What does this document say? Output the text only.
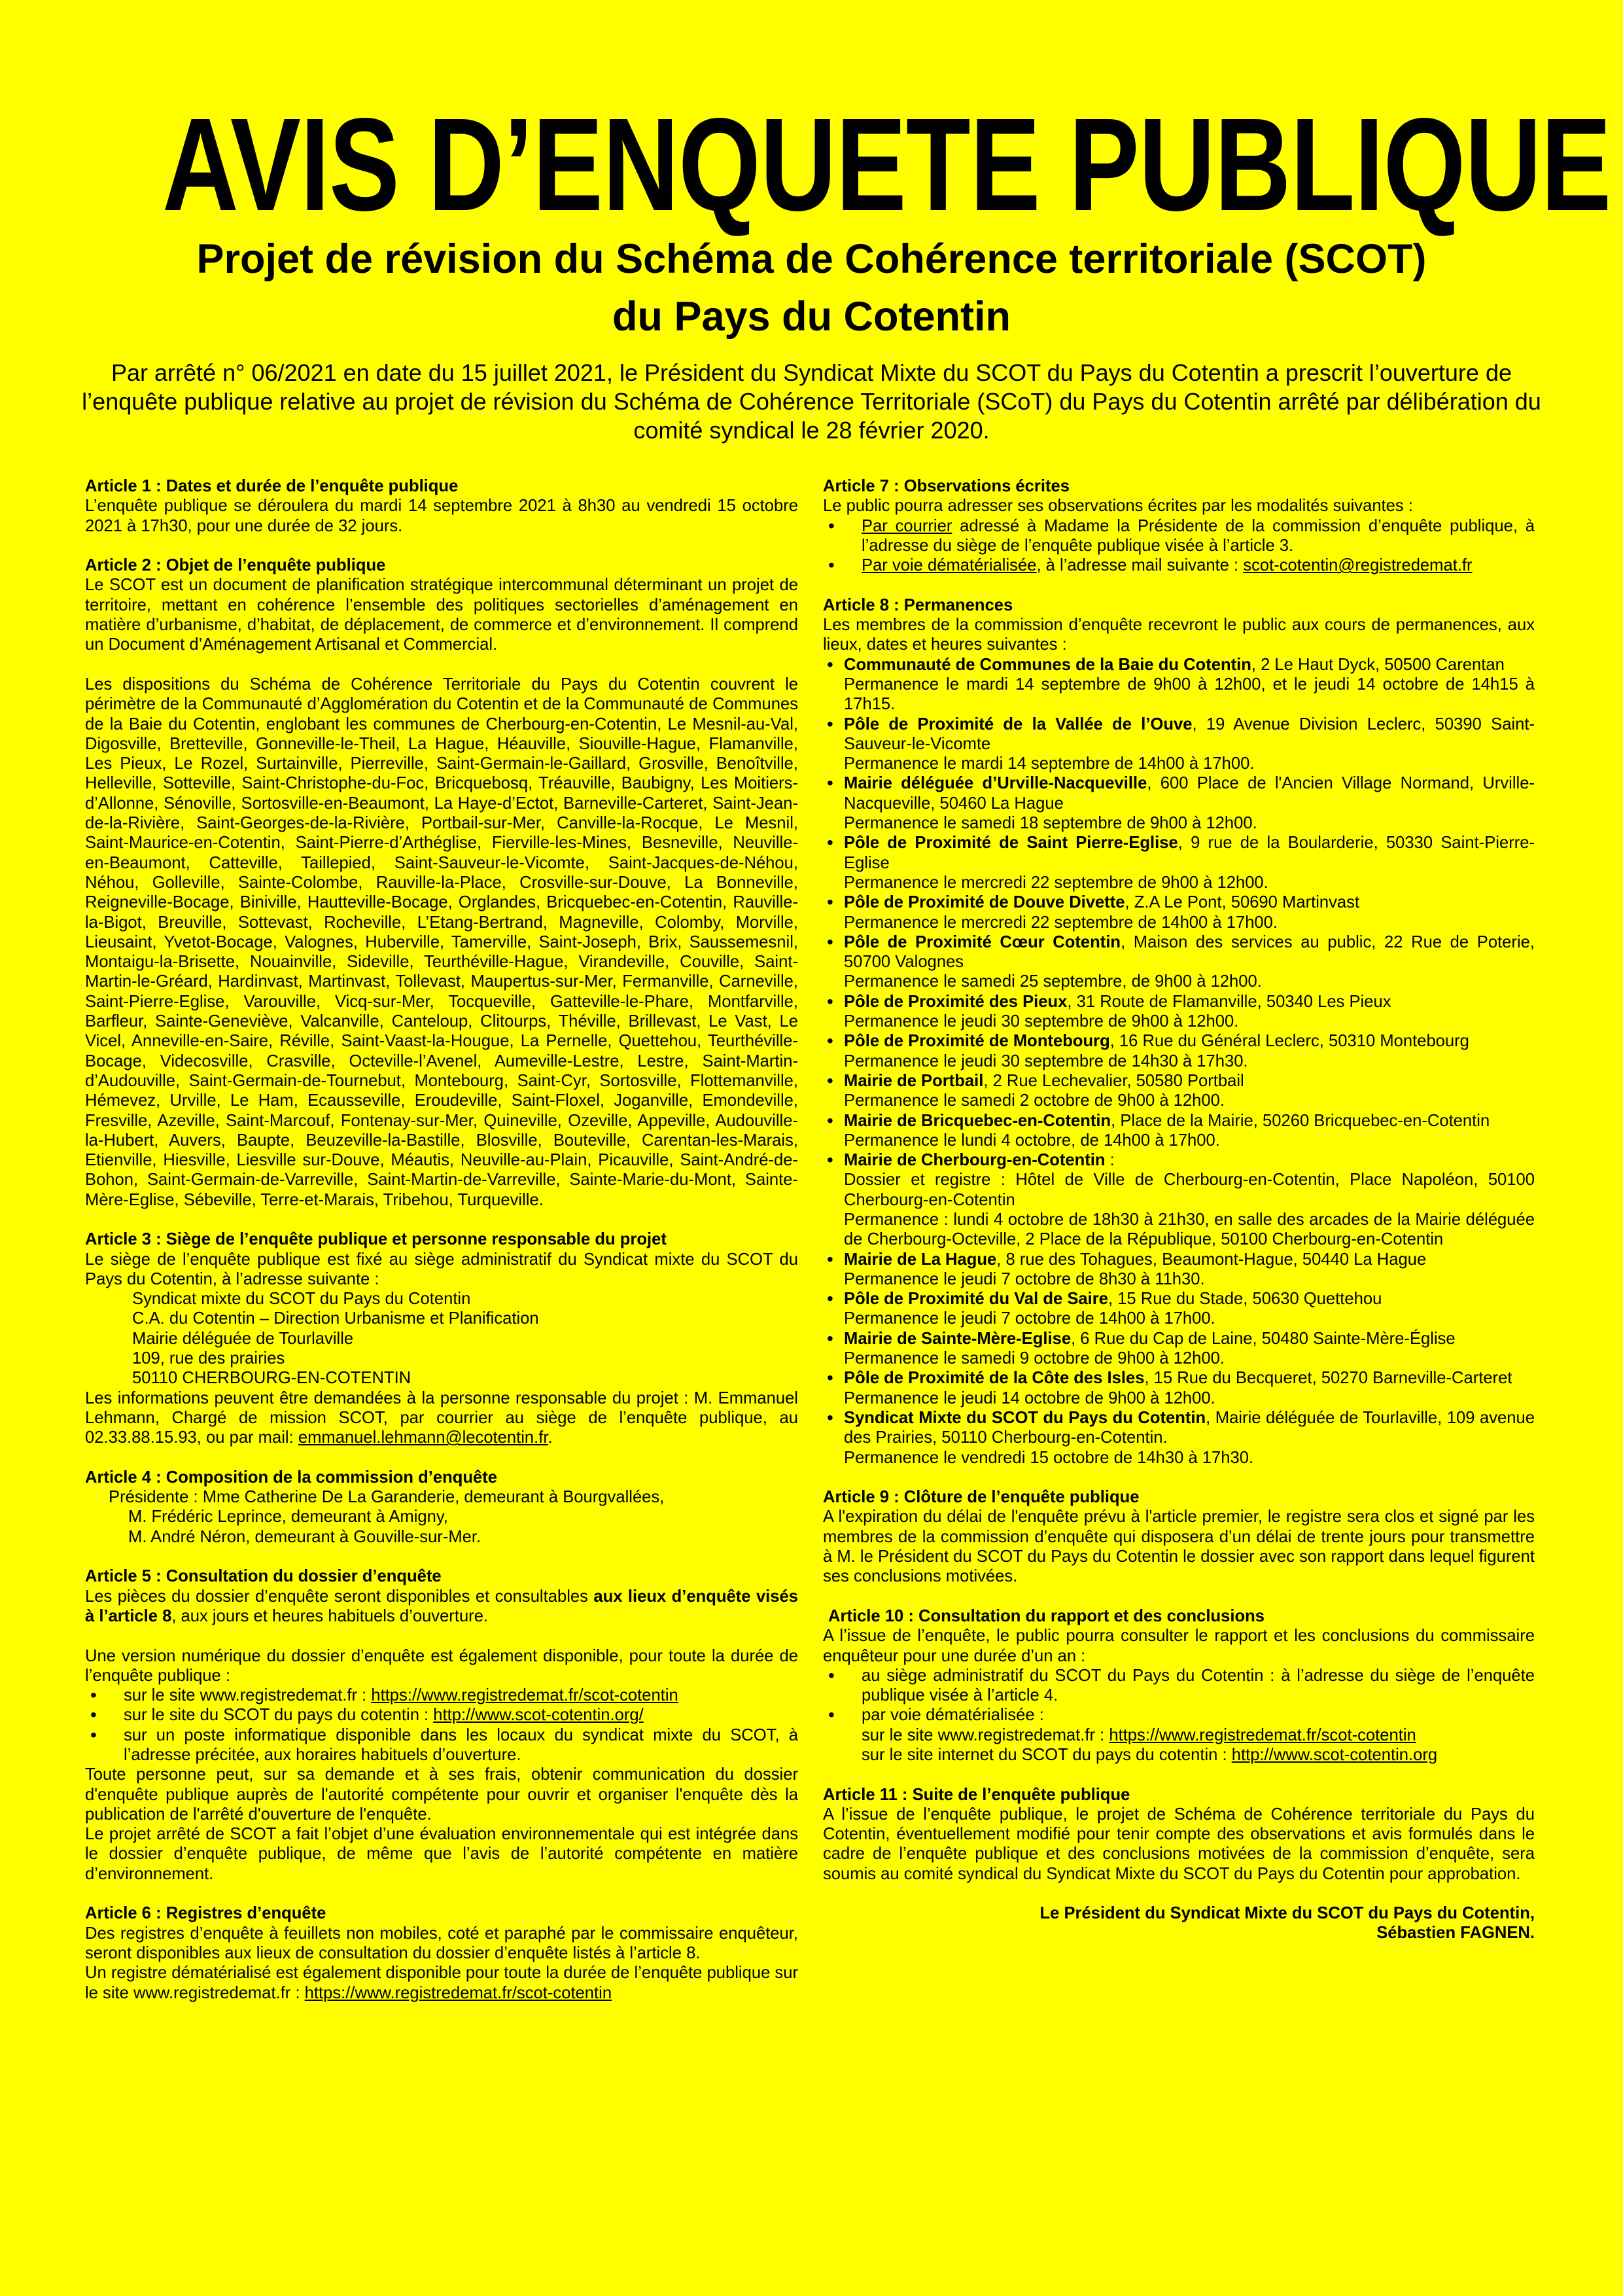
AVIS D’ENQUETE PUBLIQUE
Projet de révision du Schéma de Cohérence territoriale (SCOT)
du Pays du Cotentin
Par arrêté n° 06/2021 en date du 15 juillet 2021, le Président du Syndicat Mixte du SCOT du Pays du Cotentin a prescrit l’ouverture de l’enquête publique relative au projet de révision du Schéma de Cohérence Territoriale (SCoT) du Pays du Cotentin arrêté par délibération du comité syndical le 28 février 2020.

Article 1 : Dates et durée de l’enquête publique

L’enquête publique se déroulera du mardi 14 septembre 2021 à 8h30 au vendredi 15 octobre 2021 à 17h30, pour une durée de 32 jours.

Article 2 : Objet de l’enquête publique

Le SCOT est un document de planification stratégique intercommunal déterminant un projet de territoire, mettant en cohérence l’ensemble des politiques sectorielles d’aménagement en matière d’urbanisme, d’habitat, de déplacement, de commerce et d’environnement. Il comprend un Document d’Aménagement Artisanal et Commercial.

Les dispositions du Schéma de Cohérence Territoriale du Pays du Cotentin couvrent le périmètre de la Communauté d’Agglomération du Cotentin et de la Communauté de Communes de la Baie du Cotentin, englobant les communes de Cherbourg-en-Cotentin, Le Mesnil-au-Val, Digosville, Bretteville, Gonneville-le-Theil, La Hague, Héauville, Siouville-Hague, Flamanville, Les Pieux, Le Rozel, Surtainville, Pierreville, Saint-Germain-le-Gaillard, Grosville, Benoîtville, Helleville, Sotteville, Saint-Christophe-du-Foc, Bricquebosq, Tréauville, Baubigny, Les Moitiers-d’Allonne, Sénoville, Sortosville-en-Beaumont, La Haye-d’Ectot, Barneville-Carteret, Saint-Jean-de-la-Rivière, Saint-Georges-de-la-Rivière, Portbail-sur-Mer, Canville-la-Rocque, Le Mesnil, Saint-Maurice-en-Cotentin, Saint-Pierre-d’Arthéglise, Fierville-les-Mines, Besneville, Neuville-en-Beaumont, Catteville, Taillepied, Saint-Sauveur-le-Vicomte, Saint-Jacques-de-Néhou, Néhou, Golleville, Sainte-Colombe, Rauville-la-Place, Crosville-sur-Douve, La Bonneville, Reigneville-Bocage, Biniville, Hautteville-Bocage, Orglandes, Bricquebec-en-Cotentin, Rauville-la-Bigot, Breuville, Sottevast, Rocheville, L’Etang-Bertrand, Magneville, Colomby, Morville, Lieusaint, Yvetot-Bocage, Valognes, Huberville, Tamerville, Saint-Joseph, Brix, Saussemesnil, Montaigu-la-Brisette, Nouainville, Sideville, Teurthéville-Hague, Virandeville, Couville, Saint-Martin-le-Gréard, Hardinvast, Martinvast, Tollevast, Maupertus-sur-Mer, Fermanville, Carneville, Saint-Pierre-Eglise, Varouville, Vicq-sur-Mer, Tocqueville, Gatteville-le-Phare, Montfarville, Barfleur, Sainte-Geneviève, Valcanville, Canteloup, Clitourps, Théville, Brillevast, Le Vast, Le Vicel, Anneville-en-Saire, Réville, Saint-Vaast-la-Hougue, La Pernelle, Quettehou, Teurthéville-Bocage, Videcosville, Crasville, Octeville-l’Avenel, Aumeville-Lestre, Lestre, Saint-Martin-d’Audouville, Saint-Germain-de-Tournebut, Montebourg, Saint-Cyr, Sortosville, Flottemanville, Hémevez, Urville, Le Ham, Ecausseville, Eroudeville, Saint-Floxel, Joganville, Emondeville, Fresville, Azeville, Saint-Marcouf, Fontenay-sur-Mer, Quineville, Ozeville, Appeville, Audouville-la-Hubert, Auvers, Baupte, Beuzeville-la-Bastille, Blosville, Bouteville, Carentan-les-Marais, Etienville, Hiesville, Liesville sur-Douve, Méautis, Neuville-au-Plain, Picauville, Saint-André-de-Bohon, Saint-Germain-de-Varreville, Saint-Martin-de-Varreville, Sainte-Marie-du-Mont, Sainte-Mère-Eglise, Sébeville, Terre-et-Marais, Tribehou, Turqueville.

Article 3 : Siège de l’enquête publique et personne responsable du projet

Le siège de l’enquête publique est fixé au siège administratif du Syndicat mixte du SCOT du Pays du Cotentin, à l’adresse suivante :

Syndicat mixte du SCOT du Pays du Cotentin

C.A. du Cotentin – Direction Urbanisme et Planification

Mairie déléguée de Tourlaville

109, rue des prairies

50110 CHERBOURG-EN-COTENTIN

Les informations peuvent être demandées à la personne responsable du projet : M. Emmanuel Lehmann, Chargé de mission SCOT, par courrier au siège de l’enquête publique, au 02.33.88.15.93, ou par mail: emmanuel.lehmann@lecotentin.fr.

Article 4 : Composition de la commission d’enquête

Présidente : Mme Catherine De La Garanderie, demeurant à Bourgvallées,

M. Frédéric Leprince, demeurant à Amigny,

M. André Néron, demeurant à Gouville-sur-Mer.

Article 5 : Consultation du dossier d’enquête

Les pièces du dossier d’enquête seront disponibles et consultables aux lieux d’enquête visés à l’article 8, aux jours et heures habituels d’ouverture.

Une version numérique du dossier d’enquête est également disponible, pour toute la durée de l’enquête publique :

• sur le site www.registredemat.fr : https://www.registredemat.fr/scot-cotentin
• sur le site du SCOT du pays du cotentin : http://www.scot-cotentin.org/
• sur un poste informatique disponible dans les locaux du syndicat mixte du SCOT, à l’adresse précitée, aux horaires habituels d’ouverture.

Toute personne peut, sur sa demande et à ses frais, obtenir communication du dossier d'enquête publique auprès de l'autorité compétente pour ouvrir et organiser l'enquête dès la publication de l'arrêté d'ouverture de l'enquête.

Le projet arrêté de SCOT a fait l’objet d’une évaluation environnementale qui est intégrée dans le dossier d’enquête publique, de même que l’avis de l’autorité compétente en matière d’environnement.

Article 6 : Registres d’enquête

Des registres d’enquête à feuillets non mobiles, coté et paraphé par le commissaire enquêteur, seront disponibles aux lieux de consultation du dossier d’enquête listés à l’article 8.

Un registre dématérialisé est également disponible pour toute la durée de l’enquête publique sur le site www.registredemat.fr : https://www.registredemat.fr/scot-cotentin

Article 7 : Observations écrites

Le public pourra adresser ses observations écrites par les modalités suivantes :

• Par courrier adressé à Madame la Présidente de la commission d’enquête publique, à l’adresse du siège de l’enquête publique visée à l’article 3.
• Par voie dématérialisée, à l’adresse mail suivante : scot-cotentin@registredemat.fr

Article 8 : Permanences

Les membres de la commission d’enquête recevront le public aux cours de permanences, aux lieux, dates et heures suivantes :

• Communauté de Communes de la Baie du Cotentin, 2 Le Haut Dyck, 50500 Carentan
Permanence le mardi 14 septembre de 9h00 à 12h00, et le jeudi 14 octobre de 14h15 à 17h15.
• Pôle de Proximité de la Vallée de l’Ouve, 19 Avenue Division Leclerc, 50390 Saint-Sauveur-le-Vicomte
Permanence le mardi 14 septembre de 14h00 à 17h00.
• Mairie déléguée d’Urville-Nacqueville, 600 Place de l'Ancien Village Normand, Urville-Nacqueville, 50460 La Hague
Permanence le samedi 18 septembre de 9h00 à 12h00.
• Pôle de Proximité de Saint Pierre-Eglise, 9 rue de la Boularderie, 50330 Saint-Pierre-Eglise
Permanence le mercredi 22 septembre de 9h00 à 12h00.
• Pôle de Proximité de Douve Divette, Z.A Le Pont, 50690 Martinvast
Permanence le mercredi 22 septembre de 14h00 à 17h00.
• Pôle de Proximité Cœur Cotentin, Maison des services au public, 22 Rue de Poterie, 50700 Valognes
Permanence le samedi 25 septembre, de 9h00 à 12h00.
• Pôle de Proximité des Pieux, 31 Route de Flamanville, 50340 Les Pieux
Permanence le jeudi 30 septembre de 9h00 à 12h00.
• Pôle de Proximité de Montebourg, 16 Rue du Général Leclerc, 50310 Montebourg
Permanence le jeudi 30 septembre de 14h30 à 17h30.
• Mairie de Portbail, 2 Rue Lechevalier, 50580 Portbail
Permanence le samedi 2 octobre de 9h00 à 12h00.
• Mairie de Bricquebec-en-Cotentin, Place de la Mairie, 50260 Bricquebec-en-Cotentin
Permanence le lundi 4 octobre, de 14h00 à 17h00.
• Mairie de Cherbourg-en-Cotentin :
Dossier et registre : Hôtel de Ville de Cherbourg-en-Cotentin, Place Napoléon, 50100 Cherbourg-en-Cotentin
Permanence : lundi 4 octobre de 18h30 à 21h30, en salle des arcades de la Mairie déléguée de Cherbourg-Octeville, 2 Place de la République, 50100 Cherbourg-en-Cotentin
• Mairie de La Hague, 8 rue des Tohagues, Beaumont-Hague, 50440 La Hague
Permanence le jeudi 7 octobre de 8h30 à 11h30.
• Pôle de Proximité du Val de Saire, 15 Rue du Stade, 50630 Quettehou
Permanence le jeudi 7 octobre de 14h00 à 17h00.
• Mairie de Sainte-Mère-Eglise, 6 Rue du Cap de Laine, 50480 Sainte-Mère-Église
Permanence le samedi 9 octobre de 9h00 à 12h00.
• Pôle de Proximité de la Côte des Isles, 15 Rue du Becqueret, 50270 Barneville-Carteret
Permanence le jeudi 14 octobre de 9h00 à 12h00.
• Syndicat Mixte du SCOT du Pays du Cotentin, Mairie déléguée de Tourlaville, 109 avenue des Prairies, 50110 Cherbourg-en-Cotentin.
Permanence le vendredi 15 octobre de 14h30 à 17h30.

Article 9 : Clôture de l’enquête publique

A l'expiration du délai de l'enquête prévu à l'article premier, le registre sera clos et signé par les membres de la commission d’enquête qui disposera d’un délai de trente jours pour transmettre à M. le Président du SCOT du Pays du Cotentin le dossier avec son rapport dans lequel figurent ses conclusions motivées.

Article 10 : Consultation du rapport et des conclusions

A l’issue de l’enquête, le public pourra consulter le rapport et les conclusions du commissaire enquêteur pour une durée d’un an :

• au siège administratif du SCOT du Pays du Cotentin : à l’adresse du siège de l’enquête publique visée à l’article 4.
• par voie dématérialisée :
sur le site www.registredemat.fr : https://www.registredemat.fr/scot-cotentin
sur le site internet du SCOT du pays du cotentin : http://www.scot-cotentin.org

Article 11 : Suite de l’enquête publique

A l’issue de l’enquête publique, le projet de Schéma de Cohérence territoriale du Pays du Cotentin, éventuellement modifié pour tenir compte des observations et avis formulés dans le cadre de l’enquête publique et des conclusions motivées de la commission d’enquête, sera soumis au comité syndical du Syndicat Mixte du SCOT du Pays du Cotentin pour approbation.

Le Président du Syndicat Mixte du SCOT du Pays du Cotentin,

Sébastien FAGNEN.
